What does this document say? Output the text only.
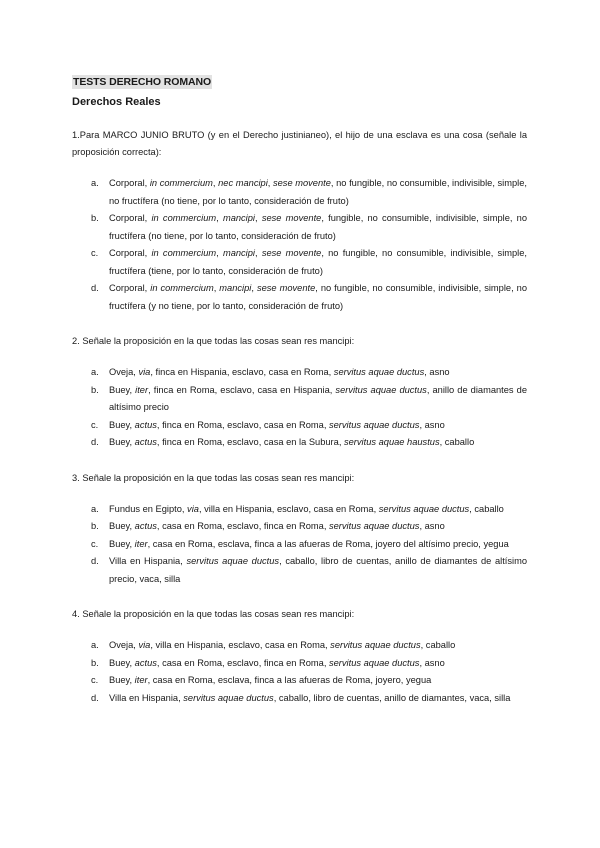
TESTS DERECHO ROMANO
Derechos Reales

1.Para MARCO JUNIO BRUTO (y en el Derecho justinianeo), el hijo de una esclava es una cosa (señale la proposición correcta):

a.	Corporal, in commercium, nec mancipi, sese movente, no fungible, no consumible, indivisible, simple, no fructífera (no tiene, por lo tanto, consideración de fruto)
b.	Corporal, in commercium, mancipi, sese movente, fungible, no consumible, indivisible, simple, no fructífera (no tiene, por lo tanto, consideración de fruto)
c.	Corporal, in commercium, mancipi, sese movente, no fungible, no consumible, indivisible, simple, fructífera (tiene, por lo tanto, consideración de fruto)
d.	Corporal, in commercium, mancipi, sese movente, no fungible, no consumible, indivisible, simple, no fructífera (y no tiene, por lo tanto, consideración de fruto)

2. Señale la proposición en la que todas las cosas sean res mancipi:

a.	Oveja, via, finca en Hispania, esclavo, casa en Roma, servitus aquae ductus, asno
b.	Buey, iter, finca en Roma, esclavo, casa en Hispania, servitus aquae ductus, anillo de diamantes de altísimo precio
c.	Buey, actus, finca en Roma, esclavo, casa en Roma, servitus aquae ductus, asno
d.	Buey, actus, finca en Roma, esclavo, casa en la Subura, servitus aquae haustus, caballo

3. Señale la proposición en la que todas las cosas sean res mancipi:

a.	Fundus en Egipto, via, villa en Hispania, esclavo, casa en Roma, servitus aquae ductus, caballo
b.	Buey, actus, casa en Roma, esclavo, finca en Roma, servitus aquae ductus, asno
c.	Buey, iter, casa en Roma, esclava, finca a las afueras de Roma, joyero del altísimo precio, yegua
d.	Villa en Hispania, servitus aquae ductus, caballo, libro de cuentas, anillo de diamantes de altísimo precio, vaca, silla

4. Señale la proposición en la que todas las cosas sean res mancipi:

a.	Oveja, via, villa en Hispania, esclavo, casa en Roma, servitus aquae ductus, caballo
b.	Buey, actus, casa en Roma, esclavo, finca en Roma, servitus aquae ductus, asno
c.	Buey, iter, casa en Roma, esclava, finca a las afueras de Roma, joyero, yegua
d.	Villa en Hispania, servitus aquae ductus, caballo, libro de cuentas, anillo de diamantes, vaca, silla
